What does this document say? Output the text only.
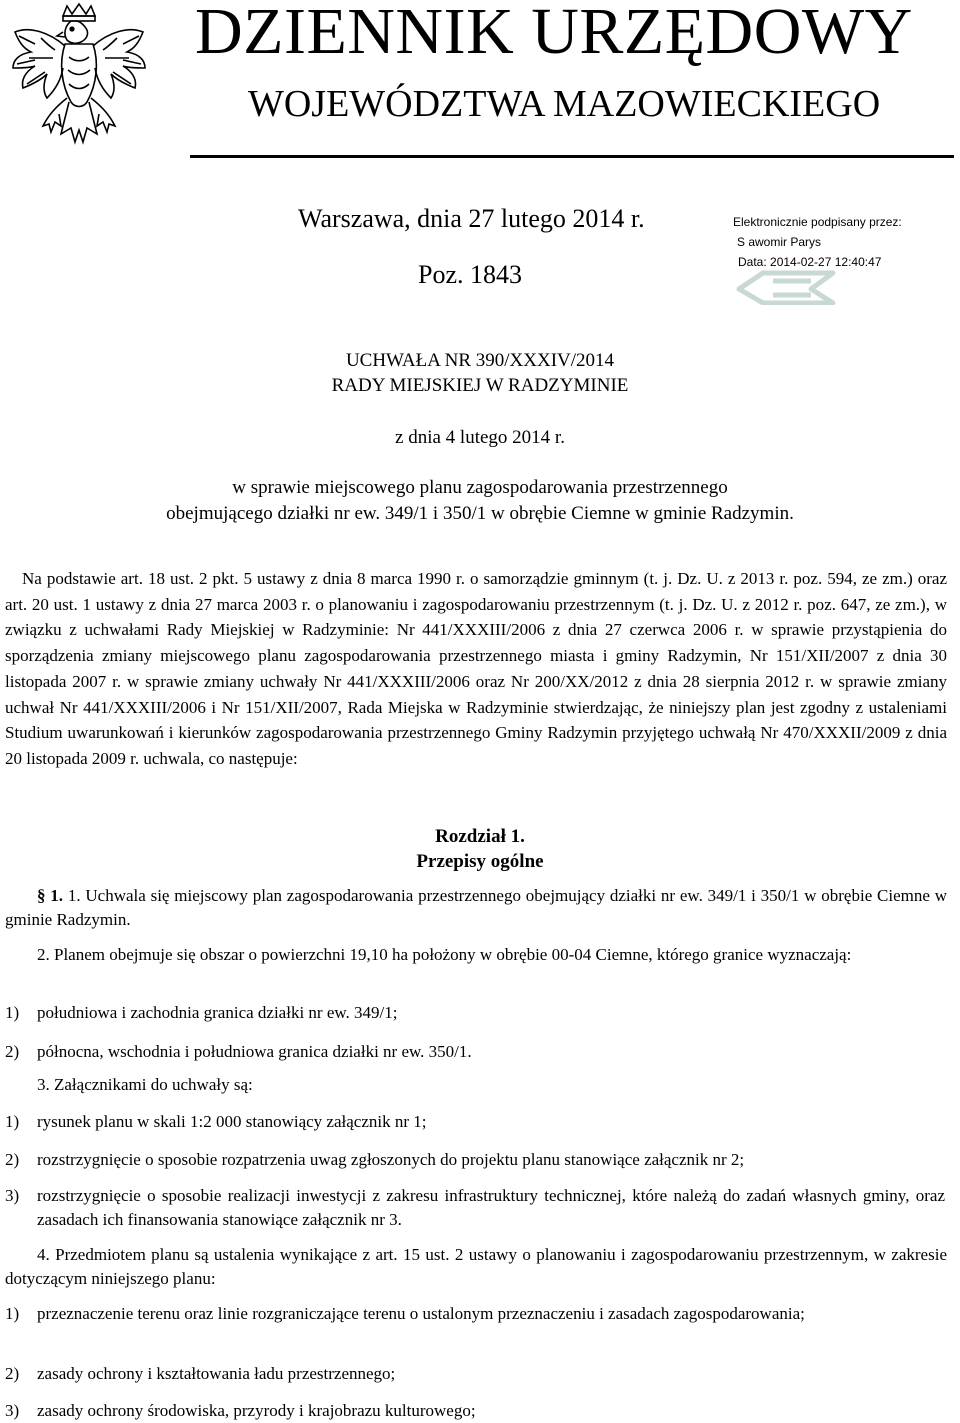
DZIENNIK URZĘDOWY
WOJEWÓDZTWA MAZOWIECKIEGO
Warszawa, dnia 27 lutego 2014 r.
Poz. 1843
Elektronicznie podpisany przez:
S awomir Parys
Data: 2014-02-27 12:40:47
UCHWAŁA NR 390/XXXIV/2014
RADY MIEJSKIEJ W RADZYMINIE
z dnia 4 lutego 2014 r.
w sprawie miejscowego planu zagospodarowania przestrzennego
obejmującego działki nr ew. 349/1 i 350/1 w obrębie Ciemne w gminie Radzymin.

Na podstawie art. 18 ust. 2 pkt. 5 ustawy z dnia 8 marca 1990 r. o samorządzie gminnym (t. j. Dz. U. z 2013 r. poz. 594, ze zm.) oraz art. 20 ust. 1 ustawy z dnia 27 marca 2003 r. o planowaniu i zagospodarowaniu przestrzennym (t. j. Dz. U. z 2012 r. poz. 647, ze zm.), w związku z uchwałami Rady Miejskiej w Radzyminie: Nr 441/XXXIII/2006 z dnia 27 czerwca 2006 r. w sprawie przystąpienia do sporządzenia zmiany miejscowego planu zagospodarowania przestrzennego miasta i gminy Radzymin, Nr 151/XII/2007 z dnia 30 listopada 2007 r. w sprawie zmiany uchwały Nr 441/XXXIII/2006 oraz Nr 200/XX/2012 z dnia 28 sierpnia 2012 r. w sprawie zmiany uchwał Nr 441/XXXIII/2006 i Nr 151/XII/2007, Rada Miejska w Radzyminie stwierdzając, że niniejszy plan jest zgodny z ustaleniami Studium uwarunkowań i kierunków zagospodarowania przestrzennego Gminy Radzymin przyjętego uchwałą Nr 470/XXXII/2009 z dnia 20 listopada 2009 r. uchwala, co następuje:

Rozdział 1.
Przepisy ogólne

§ 1. 1. Uchwala się miejscowy plan zagospodarowania przestrzennego obejmujący działki nr ew. 349/1 i 350/1 w obrębie Ciemne w gminie Radzymin.

2. Planem obejmuje się obszar o powierzchni 19,10 ha położony w obrębie 00-04 Ciemne, którego granice wyznaczają:

1)	południowa i zachodnia granica działki nr ew. 349/1;
2)	północna, wschodnia i południowa granica działki nr ew. 350/1.

3. Załącznikami do uchwały są:

1)	rysunek planu w skali 1:2 000 stanowiący załącznik nr 1;
2)	rozstrzygnięcie o sposobie rozpatrzenia uwag zgłoszonych do projektu planu stanowiące załącznik nr 2;
3)	rozstrzygnięcie o sposobie realizacji inwestycji z zakresu infrastruktury technicznej, które należą do zadań własnych gminy, oraz zasadach ich finansowania stanowiące załącznik nr 3.

4. Przedmiotem planu są ustalenia wynikające z art. 15 ust. 2 ustawy o planowaniu i zagospodarowaniu przestrzennym, w zakresie dotyczącym niniejszego planu:

1)	przeznaczenie terenu oraz linie rozgraniczające terenu o ustalonym przeznaczeniu i zasadach zagospodarowania;
2)	zasady ochrony i kształtowania ładu przestrzennego;
3)	zasady ochrony środowiska, przyrody i krajobrazu kulturowego;
